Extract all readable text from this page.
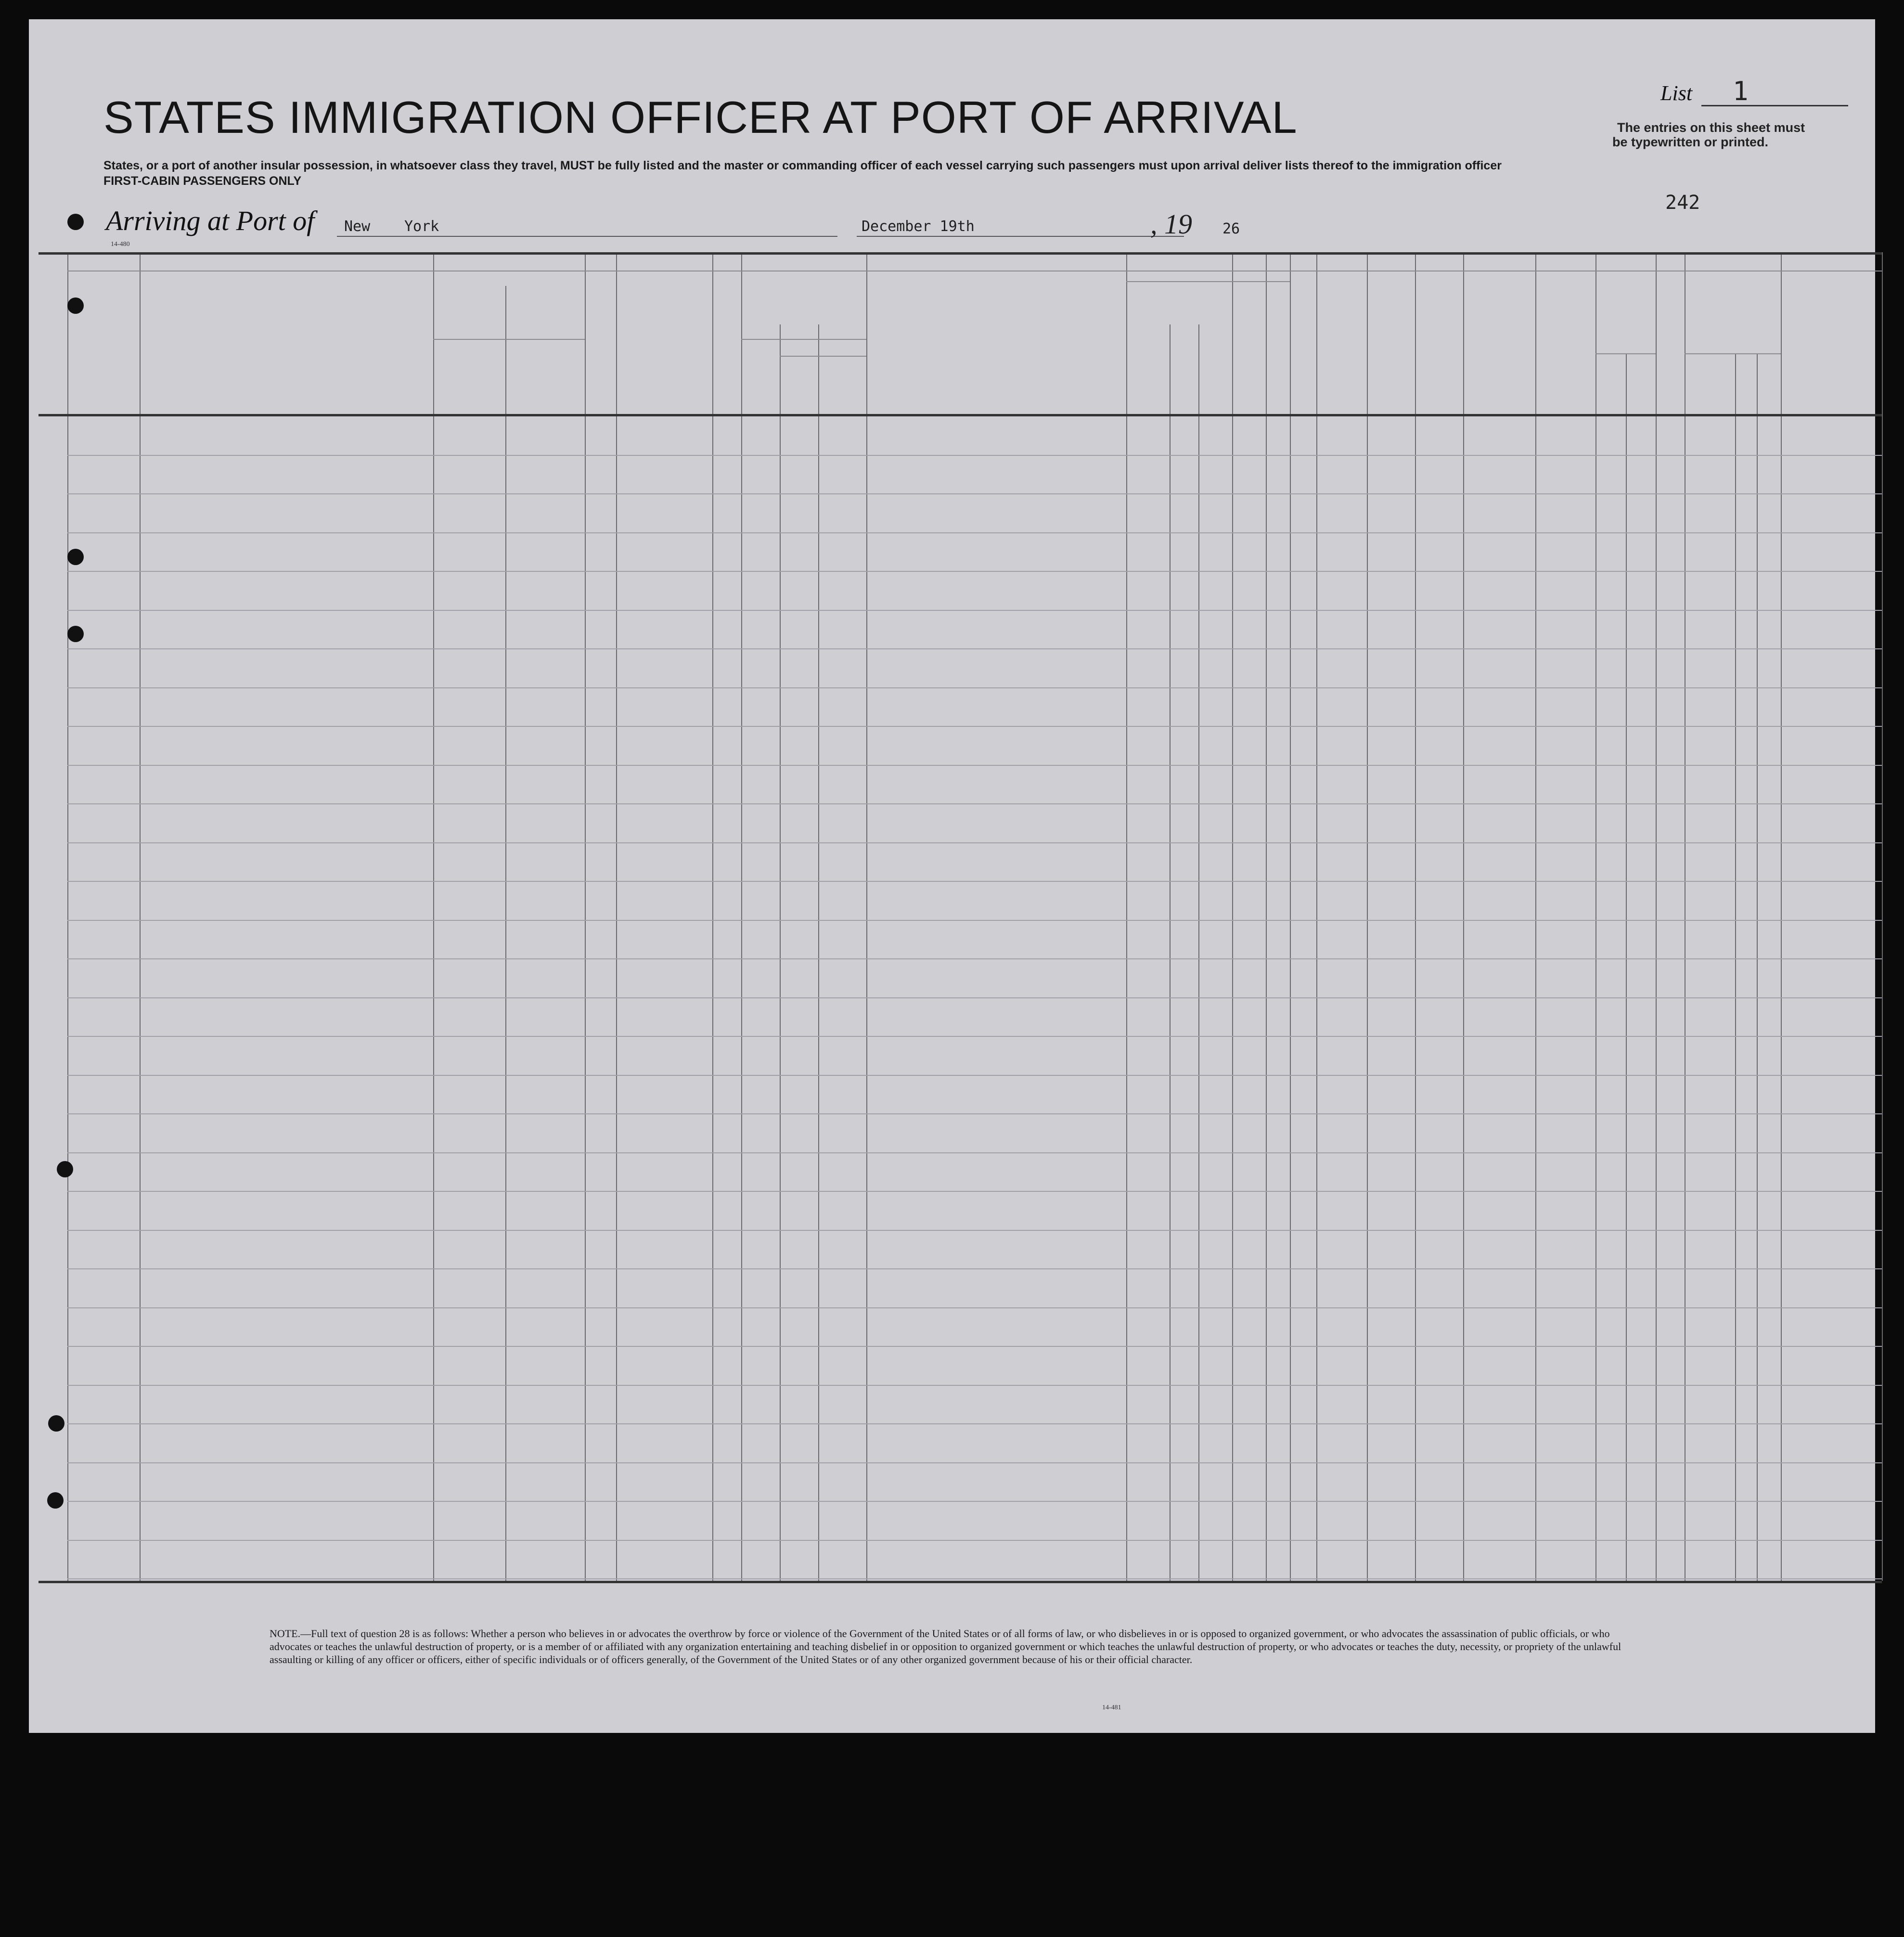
STATES IMMIGRATION OFFICER AT PORT OF ARRIVAL
States, or a port of another insular possession, in whatsoever class they travel, MUST be fully listed and the master or commanding officer of each vessel carrying such passengers must upon arrival deliver lists thereof to the immigration officer
FIRST-CABIN PASSENGERS ONLY
List 1
The entries on this sheet must
be typewritten or printed.
242
Arriving at Port of New York	December 19th	, 19 26
14-480
NOTE.—Full text of question 28 is as follows: Whether a person who believes in or advocates the overthrow by force or violence of the Government of the United States or of all forms of law, or who disbelieves in or is opposed to organized government, or who advocates the assassination of public officials, or who advocates or teaches the unlawful destruction of property, or is a member of or affiliated with any organization entertaining and teaching disbelief in or opposition to organized government or which teaches the unlawful destruction of property, or who advocates or teaches the duty, necessity, or propriety of the unlawful assaulting or killing of any officer or officers, either of specific individuals or of officers generally, of the Government of the United States or of any other organized government because of his or their official character.
14-481
